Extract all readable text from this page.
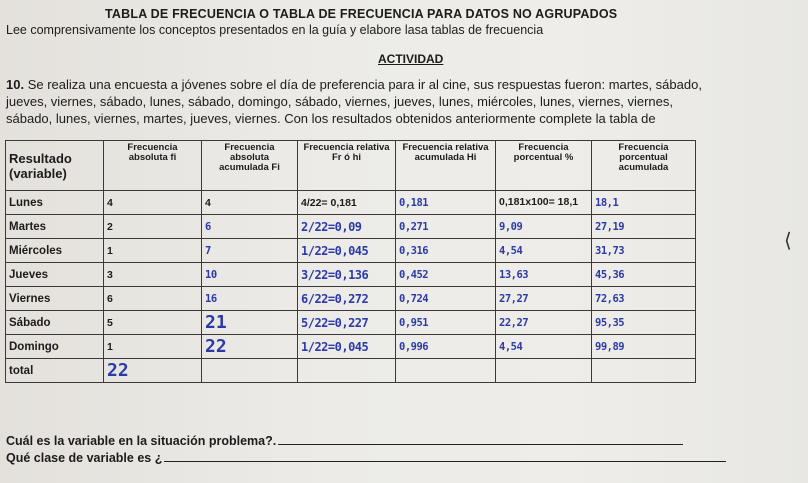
TABLA DE FRECUENCIA O TABLA DE FRECUENCIA PARA DATOS NO AGRUPADOS
Lee comprensivamente los conceptos presentados en la guía y elabore lasa tablas de frecuencia
ACTIVIDAD
10. Se realiza una encuesta a jóvenes sobre el día de preferencia para ir al cine, sus respuestas fueron: martes, sábado,
jueves, viernes, sábado, lunes, sábado, domingo, sábado, viernes, jueves, lunes, miércoles, lunes, viernes, viernes,
sábado, lunes, viernes, martes, jueves, viernes. Con los resultados obtenidos anteriormente complete la tabla de
Resultado (variable)	Frecuencia absoluta fi	Frecuencia absoluta acumulada Fi	Frecuencia relativa Fr ó hi	Frecuencia relativa acumulada Hi	Frecuencia porcentual %	Frecuencia porcentual acumulada
Lunes	4	4	4/22= 0,181	0,181	0,181x100= 18,1	18,1
Martes	2	6	2/22=0,09	0,271	9,09	27,19
Miércoles	1	7	1/22=0,045	0,316	4,54	31,73
Jueves	3	10	3/22=0,136	0,452	13,63	45,36
Viernes	6	16	6/22=0,272	0,724	27,27	72,63
Sábado	5	21	5/22=0,227	0,951	22,27	95,35
Domingo	1	22	1/22=0,045	0,996	4,54	99,89
total	22					
Cuál es la variable en la situación problema?.
Qué clase de variable es ¿
⟨
